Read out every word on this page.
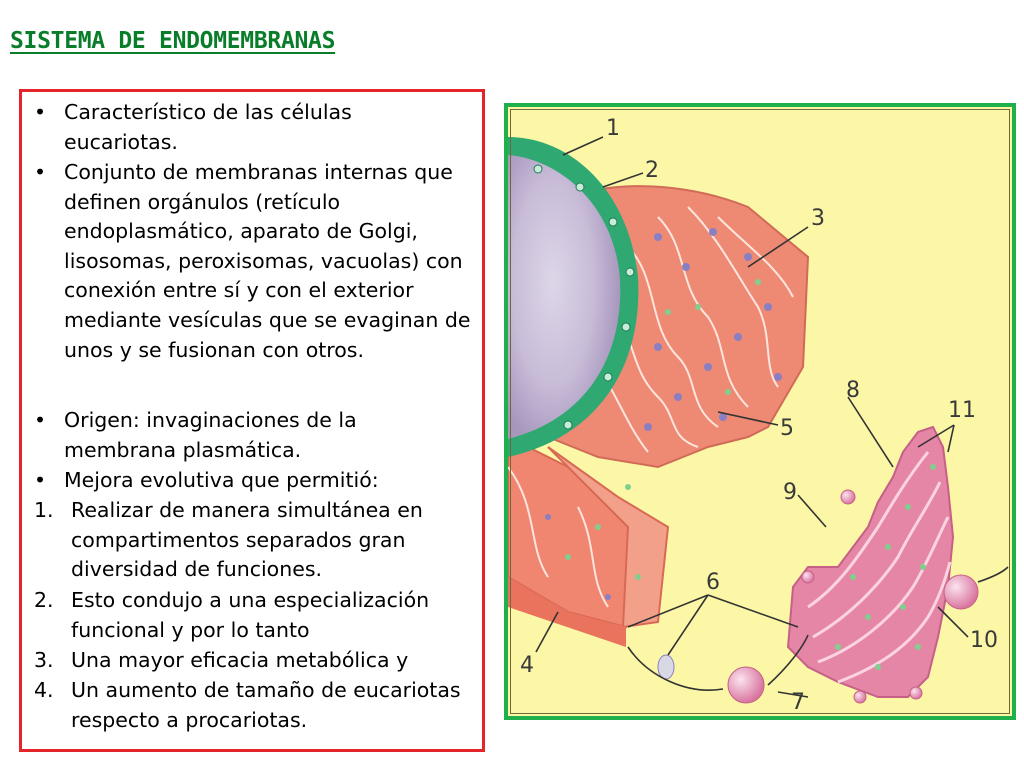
SISTEMA DE ENDOMEMBRANAS
• Característico de las células eucariotas.
• Conjunto de membranas internas que definen orgánulos (retículo endoplasmático, aparato de Golgi, lisosomas, peroxisomas, vacuolas) con conexión entre sí y con el exterior mediante vesículas que se evaginan de unos y se fusionan con otros.
• Origen: invaginaciones de la membrana plasmática.
• Mejora evolutiva que permitió:
1. Realizar de manera simultánea en compartimentos separados gran diversidad de funciones.
2. Esto condujo a una especialización funcional y por lo tanto
3. Una mayor eficacia metabólica y
4. Un aumento de tamaño de eucariotas respecto a procariotas.
1
2
3
4
5
6
7
8
9
10
11
